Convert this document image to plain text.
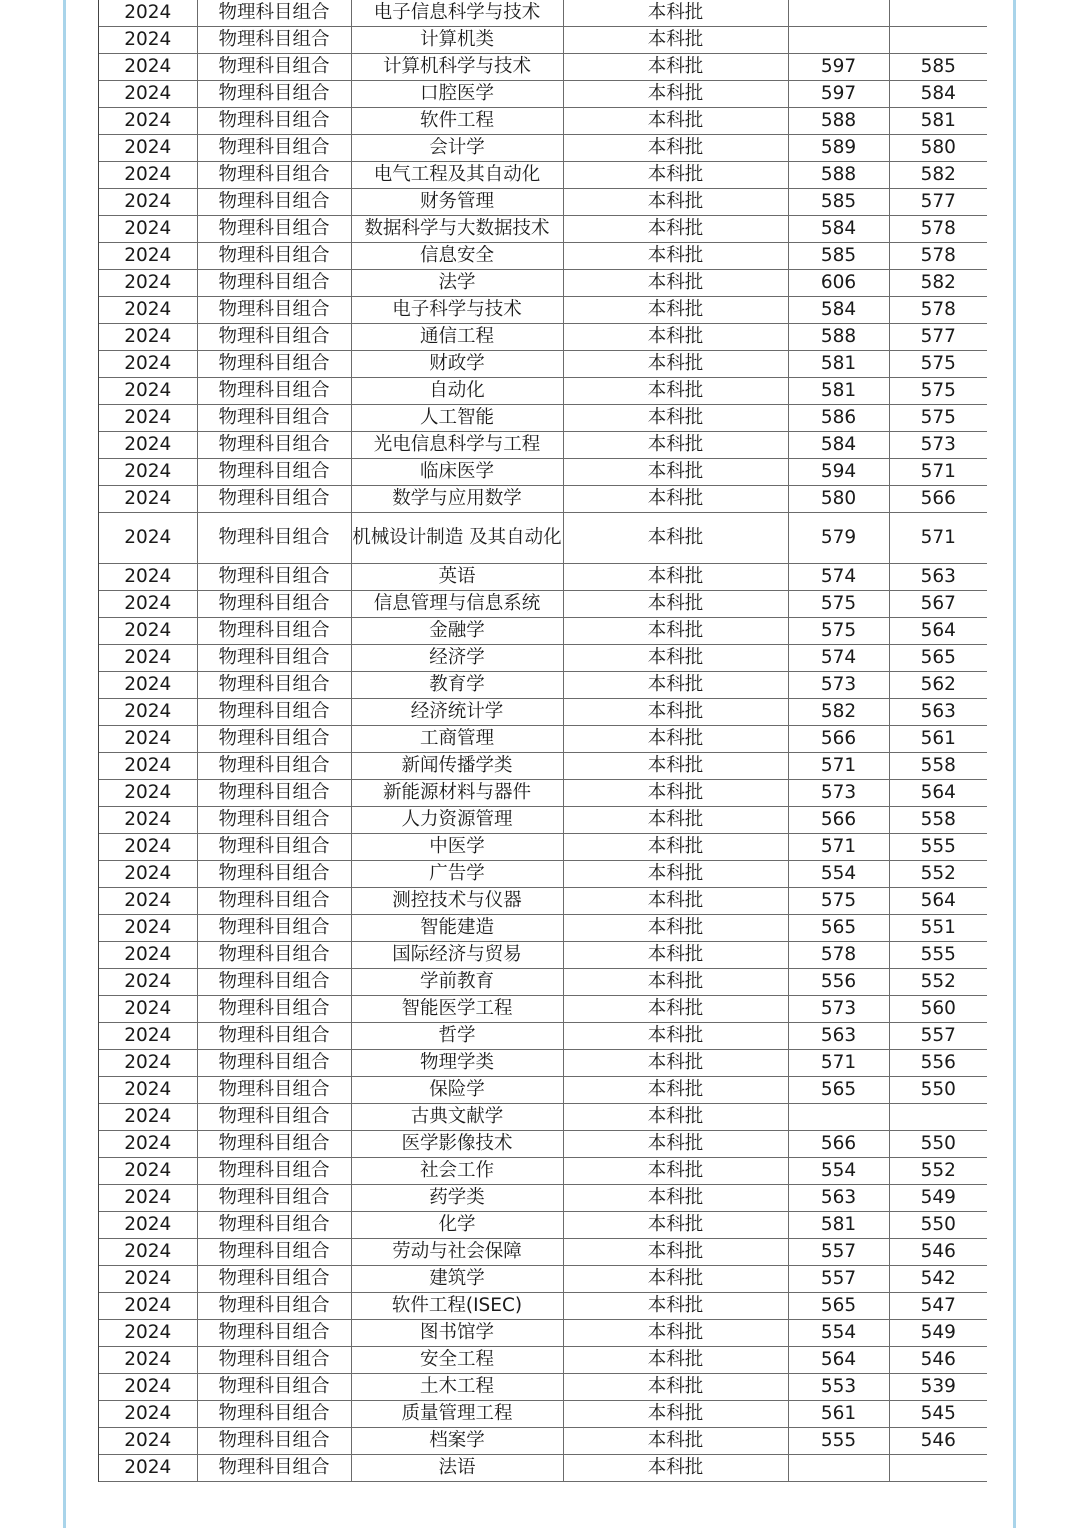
2024	物理科目组合	电子信息科学与技术	本科批		
2024	物理科目组合	计算机类	本科批		
2024	物理科目组合	计算机科学与技术	本科批	597	585
2024	物理科目组合	口腔医学	本科批	597	584
2024	物理科目组合	软件工程	本科批	588	581
2024	物理科目组合	会计学	本科批	589	580
2024	物理科目组合	电气工程及其自动化	本科批	588	582
2024	物理科目组合	财务管理	本科批	585	577
2024	物理科目组合	数据科学与大数据技术	本科批	584	578
2024	物理科目组合	信息安全	本科批	585	578
2024	物理科目组合	法学	本科批	606	582
2024	物理科目组合	电子科学与技术	本科批	584	578
2024	物理科目组合	通信工程	本科批	588	577
2024	物理科目组合	财政学	本科批	581	575
2024	物理科目组合	自动化	本科批	581	575
2024	物理科目组合	人工智能	本科批	586	575
2024	物理科目组合	光电信息科学与工程	本科批	584	573
2024	物理科目组合	临床医学	本科批	594	571
2024	物理科目组合	数学与应用数学	本科批	580	566
2024	物理科目组合	机械设计制造 及其自动化	本科批	579	571
2024	物理科目组合	英语	本科批	574	563
2024	物理科目组合	信息管理与信息系统	本科批	575	567
2024	物理科目组合	金融学	本科批	575	564
2024	物理科目组合	经济学	本科批	574	565
2024	物理科目组合	教育学	本科批	573	562
2024	物理科目组合	经济统计学	本科批	582	563
2024	物理科目组合	工商管理	本科批	566	561
2024	物理科目组合	新闻传播学类	本科批	571	558
2024	物理科目组合	新能源材料与器件	本科批	573	564
2024	物理科目组合	人力资源管理	本科批	566	558
2024	物理科目组合	中医学	本科批	571	555
2024	物理科目组合	广告学	本科批	554	552
2024	物理科目组合	测控技术与仪器	本科批	575	564
2024	物理科目组合	智能建造	本科批	565	551
2024	物理科目组合	国际经济与贸易	本科批	578	555
2024	物理科目组合	学前教育	本科批	556	552
2024	物理科目组合	智能医学工程	本科批	573	560
2024	物理科目组合	哲学	本科批	563	557
2024	物理科目组合	物理学类	本科批	571	556
2024	物理科目组合	保险学	本科批	565	550
2024	物理科目组合	古典文献学	本科批		
2024	物理科目组合	医学影像技术	本科批	566	550
2024	物理科目组合	社会工作	本科批	554	552
2024	物理科目组合	药学类	本科批	563	549
2024	物理科目组合	化学	本科批	581	550
2024	物理科目组合	劳动与社会保障	本科批	557	546
2024	物理科目组合	建筑学	本科批	557	542
2024	物理科目组合	软件工程(ISEC)	本科批	565	547
2024	物理科目组合	图书馆学	本科批	554	549
2024	物理科目组合	安全工程	本科批	564	546
2024	物理科目组合	土木工程	本科批	553	539
2024	物理科目组合	质量管理工程	本科批	561	545
2024	物理科目组合	档案学	本科批	555	546
2024	物理科目组合	法语	本科批		
